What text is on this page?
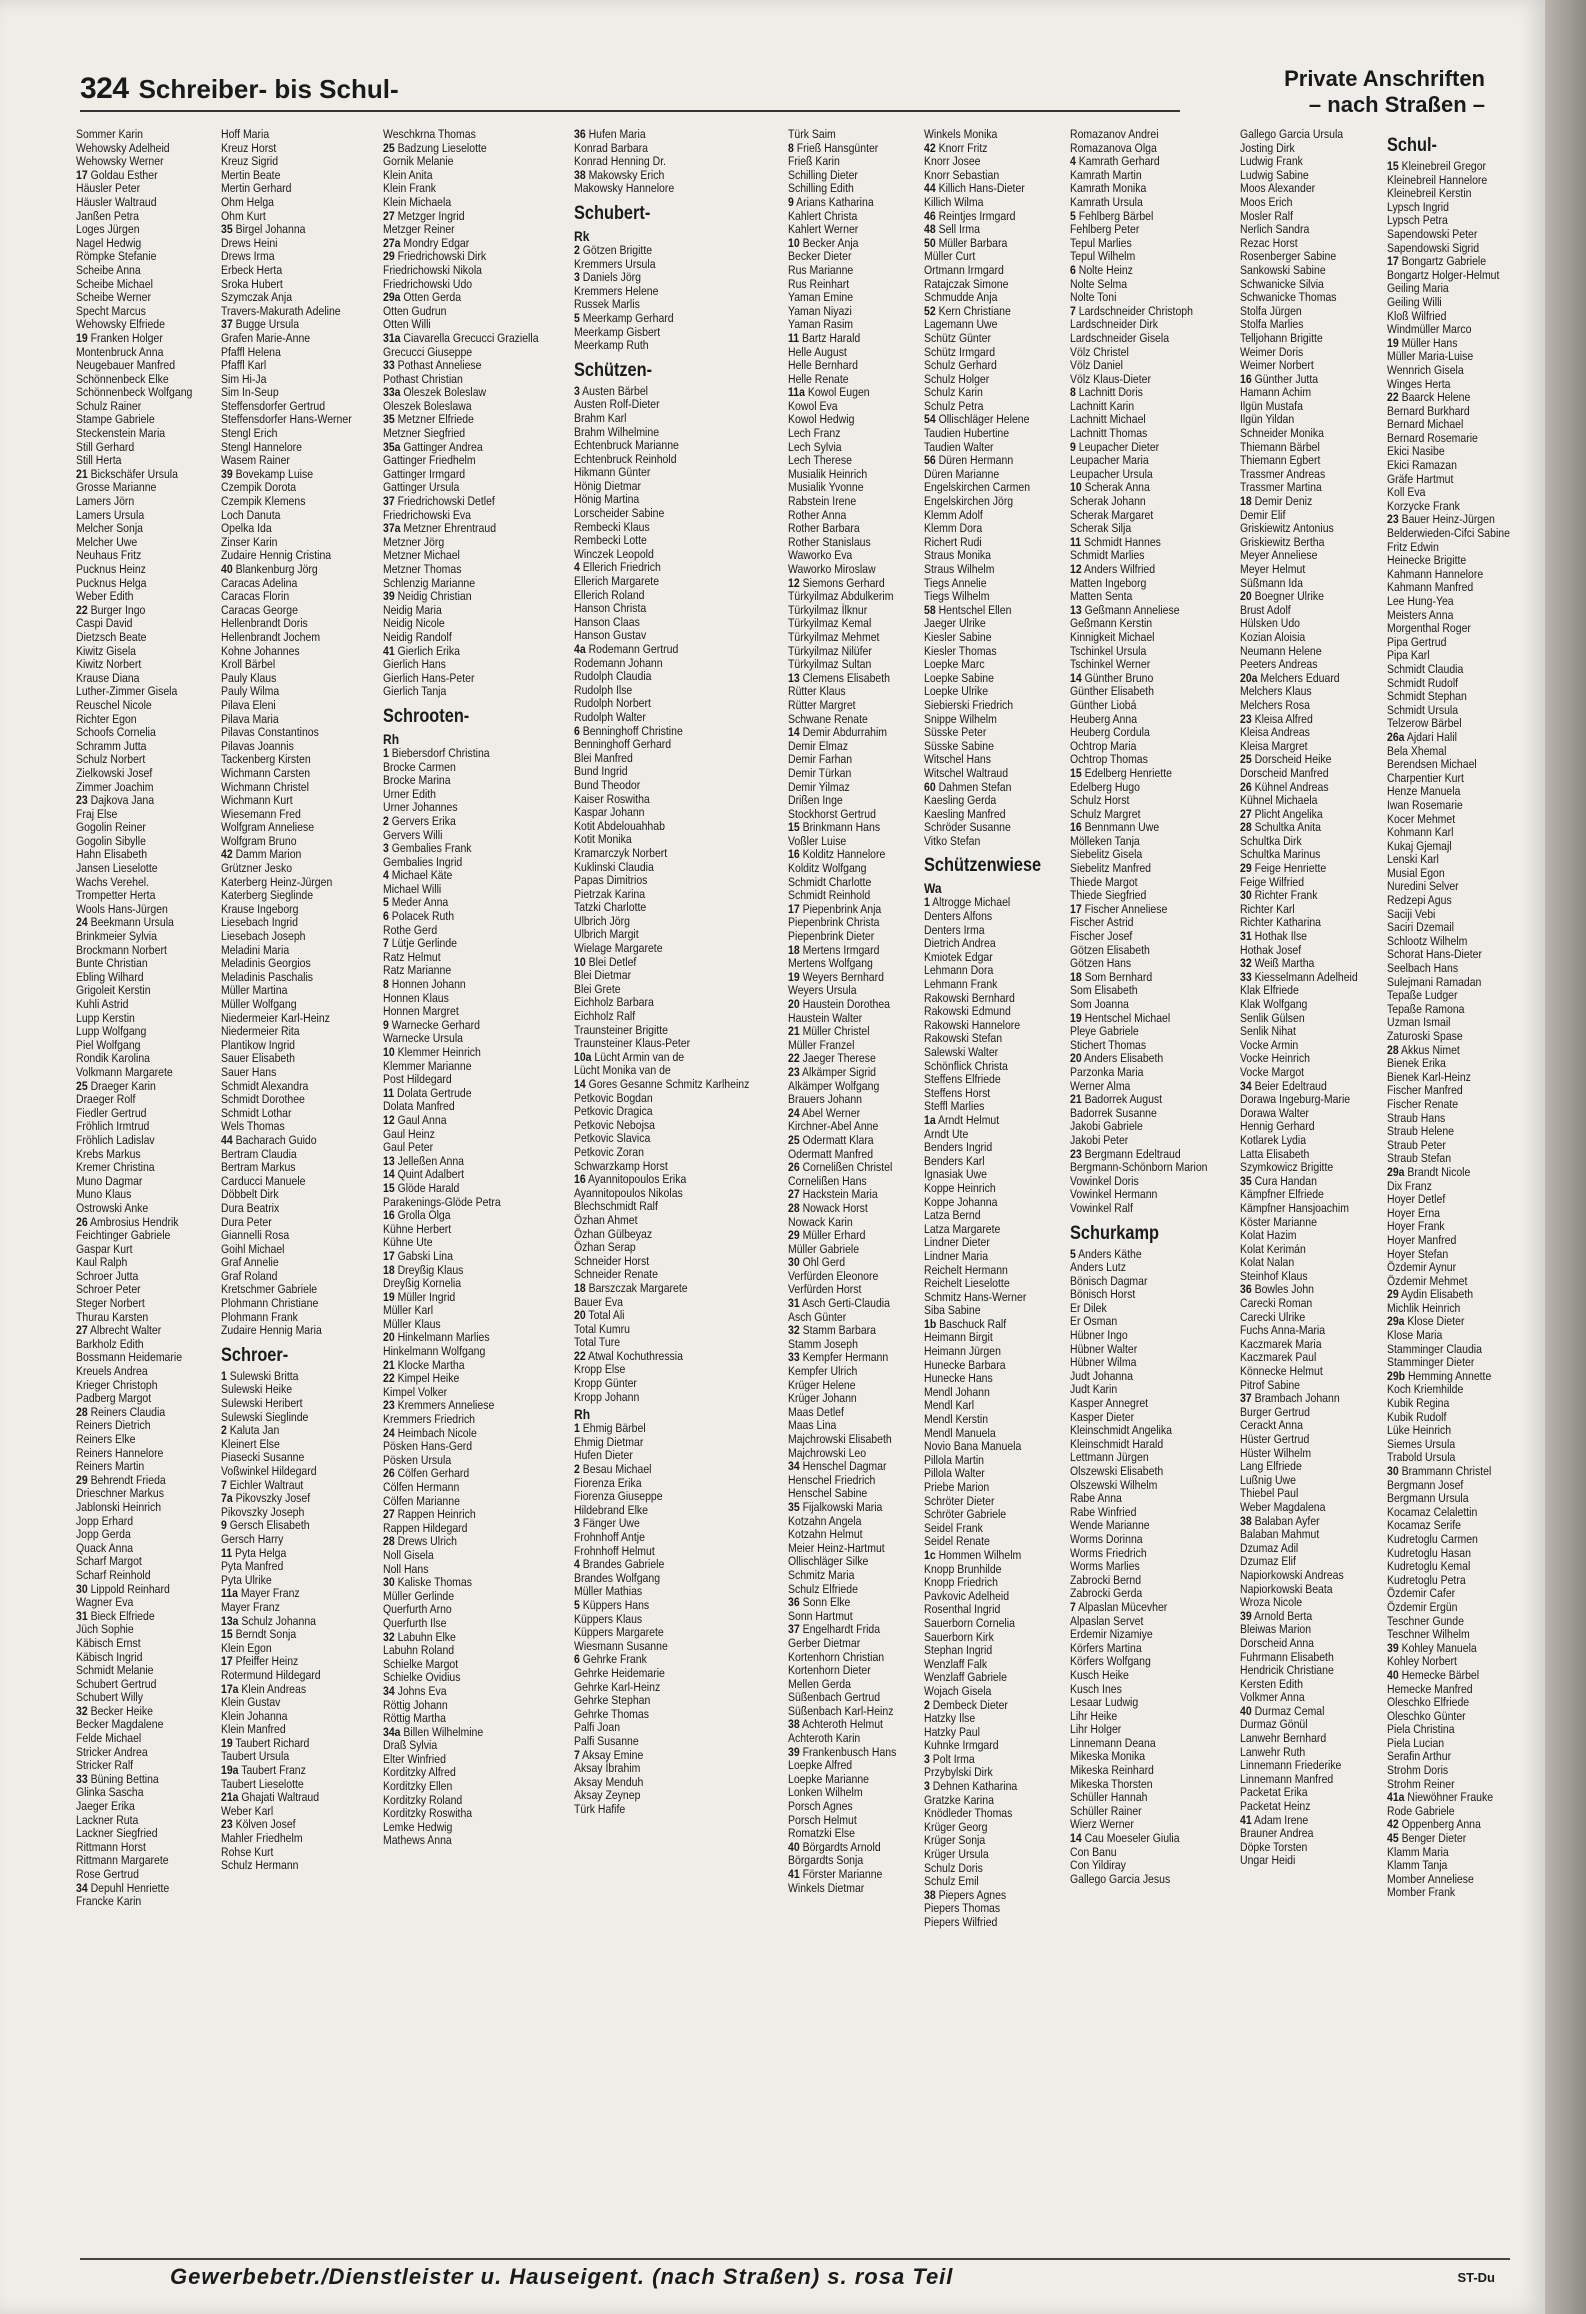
324 Schreiber- bis Schul-	Private Anschriften
– nach Straßen –
Sommer Karin
Wehowsky Adelheid
Wehowsky Werner
17 Goldau Esther
Häusler Peter
Häusler Waltraud
Janßen Petra
Loges Jürgen
Nagel Hedwig
Römpke Stefanie
Scheibe Anna
Scheibe Michael
Scheibe Werner
Specht Marcus
Wehowsky Elfriede
19 Franken Holger
Montenbruck Anna
Neugebauer Manfred
Schönnenbeck Elke
Schönnenbeck Wolfgang
Schulz Rainer
Stampe Gabriele
Steckenstein Maria
Still Gerhard
Still Herta
21 Bickschäfer Ursula
Grosse Marianne
Lamers Jörn
Lamers Ursula
Melcher Sonja
Melcher Uwe
Neuhaus Fritz
Pucknus Heinz
Pucknus Helga
Weber Edith
22 Burger Ingo
Caspi David
Dietzsch Beate
Kiwitz Gisela
Kiwitz Norbert
Krause Diana
Luther-Zimmer Gisela
Reuschel Nicole
Richter Egon
Schoofs Cornelia
Schramm Jutta
Schulz Norbert
Zielkowski Josef
Zimmer Joachim
23 Dajkova Jana
Fraj Else
Gogolin Reiner
Gogolin Sibylle
Hahn Elisabeth
Jansen Lieselotte
Wachs Verehel.
Trompetter Herta
Wools Hans-Jürgen
24 Beekmann Ursula
Brinkmeier Sylvia
Brockmann Norbert
Bunte Christian
Ebling Wilhard
Grigoleit Kerstin
Kuhli Astrid
Lupp Kerstin
Lupp Wolfgang
Piel Wolfgang
Rondik Karolina
Volkmann Margarete
25 Draeger Karin
Draeger Rolf
Fiedler Gertrud
Fröhlich Irmtrud
Fröhlich Ladislav
Krebs Markus
Kremer Christina
Muno Dagmar
Muno Klaus
Ostrowski Anke
26 Ambrosius Hendrik
Feichtinger Gabriele
Gaspar Kurt
Kaul Ralph
Schroer Jutta
Schroer Peter
Steger Norbert
Thurau Karsten
27 Albrecht Walter
Barkholz Edith
Bossmann Heidemarie
Kreuels Andrea
Krieger Christoph
Padberg Margot
28 Reiners Claudia
Reiners Dietrich
Reiners Elke
Reiners Hannelore
Reiners Martin
29 Behrendt Frieda
Drieschner Markus
Jablonski Heinrich
Jopp Erhard
Jopp Gerda
Quack Anna
Scharf Margot
Scharf Reinhold
30 Lippold Reinhard
Wagner Eva
31 Bieck Elfriede
Jüch Sophie
Käbisch Ernst
Käbisch Ingrid
Schmidt Melanie
Schubert Gertrud
Schubert Willy
32 Becker Heike
Becker Magdalene
Felde Michael
Stricker Andrea
Stricker Ralf
33 Büning Bettina
Glinka Sascha
Jaeger Erika
Lackner Ruta
Lackner Siegfried
Rittmann Horst
Rittmann Margarete
Rose Gertrud
34 Depuhl Henriette
Francke Karin
Hoff Maria
Kreuz Horst
Kreuz Sigrid
Mertin Beate
Mertin Gerhard
Ohm Helga
Ohm Kurt
35 Birgel Johanna
Drews Heini
Drews Irma
Erbeck Herta
Sroka Hubert
Szymczak Anja
Travers-Makurath Adeline
37 Bugge Ursula
Grafen Marie-Anne
Pfaffl Helena
Pfaffl Karl
Sim Hi-Ja
Sim In-Seup
Steffensdorfer Gertrud
Steffensdorfer Hans-Werner
Stengl Erich
Stengl Hannelore
Wasem Rainer
39 Bovekamp Luise
Czempik Dorota
Czempik Klemens
Loch Danuta
Opelka Ida
Zinser Karin
Zudaire Hennig Cristina
40 Blankenburg Jörg
Caracas Adelina
Caracas Florin
Caracas George
Hellenbrandt Doris
Hellenbrandt Jochem
Kohne Johannes
Kroll Bärbel
Pauly Klaus
Pauly Wilma
Pilava Eleni
Pilava Maria
Pilavas Constantinos
Pilavas Joannis
Tackenberg Kirsten
Wichmann Carsten
Wichmann Christel
Wichmann Kurt
Wiesemann Fred
Wolfgram Anneliese
Wolfgram Bruno
42 Damm Marion
Grützner Jesko
Katerberg Heinz-Jürgen
Katerberg Sieglinde
Krause Ingeborg
Liesebach Ingrid
Liesebach Joseph
Meladini Maria
Meladinis Georgios
Meladinis Paschalis
Müller Martina
Müller Wolfgang
Niedermeier Karl-Heinz
Niedermeier Rita
Plantikow Ingrid
Sauer Elisabeth
Sauer Hans
Schmidt Alexandra
Schmidt Dorothee
Schmidt Lothar
Wels Thomas
44 Bacharach Guido
Bertram Claudia
Bertram Markus
Carducci Manuele
Döbbelt Dirk
Dura Beatrix
Dura Peter
Giannelli Rosa
Goihl Michael
Graf Annelie
Graf Roland
Kretschmer Gabriele
Plohmann Christiane
Plohmann Frank
Zudaire Hennig Maria
Schroer-
1 Sulewski Britta
Sulewski Heike
Sulewski Heribert
Sulewski Sieglinde
2 Kaluta Jan
Kleinert Else
Piasecki Susanne
Voßwinkel Hildegard
7 Eichler Waltraut
7a Pikovszky Josef
Pikovszky Joseph
9 Gersch Elisabeth
Gersch Harry
11 Pyta Helga
Pyta Manfred
Pyta Ulrike
11a Mayer Franz
Mayer Franz
13a Schulz Johanna
15 Berndt Sonja
Klein Egon
17 Pfeiffer Heinz
Rotermund Hildegard
17a Klein Andreas
Klein Gustav
Klein Johanna
Klein Manfred
19 Taubert Richard
Taubert Ursula
19a Taubert Franz
Taubert Lieselotte
21a Ghajati Waltraud
Weber Karl
23 Kölven Josef
Mahler Friedhelm
Rohse Kurt
Schulz Hermann
Weschkrna Thomas
25 Badzung Lieselotte
Gornik Melanie
Klein Anita
Klein Frank
Klein Michaela
27 Metzger Ingrid
Metzger Reiner
27a Mondry Edgar
29 Friedrichowski Dirk
Friedrichowski Nikola
Friedrichowski Udo
29a Otten Gerda
Otten Gudrun
Otten Willi
31a Ciavarella Grecucci Graziella
Grecucci Giuseppe
33 Pothast Anneliese
Pothast Christian
33a Oleszek Boleslaw
Oleszek Boleslawa
35 Metzner Elfriede
Metzner Siegfried
35a Gattinger Andrea
Gattinger Friedhelm
Gattinger Irmgard
Gattinger Ursula
37 Friedrichowski Detlef
Friedrichowski Eva
37a Metzner Ehrentraud
Metzner Jörg
Metzner Michael
Metzner Thomas
Schlenzig Marianne
39 Neidig Christian
Neidig Maria
Neidig Nicole
Neidig Randolf
41 Gierlich Erika
Gierlich Hans
Gierlich Hans-Peter
Gierlich Tanja
Schrooten-
Rh
1 Biebersdorf Christina
Brocke Carmen
Brocke Marina
Urner Edith
Urner Johannes
2 Gervers Erika
Gervers Willi
3 Gembalies Frank
Gembalies Ingrid
4 Michael Käte
Michael Willi
5 Meder Anna
6 Polacek Ruth
Rothe Gerd
7 Lütje Gerlinde
Ratz Helmut
Ratz Marianne
8 Honnen Johann
Honnen Klaus
Honnen Margret
9 Warnecke Gerhard
Warnecke Ursula
10 Klemmer Heinrich
Klemmer Marianne
Post Hildegard
11 Dolata Gertrude
Dolata Manfred
12 Gaul Anna
Gaul Heinz
Gaul Peter
13 Jelleßen Anna
14 Quint Adalbert
15 Glöde Harald
Parakenings-Glöde Petra
16 Grolla Olga
Kühne Herbert
Kühne Ute
17 Gabski Lina
18 Dreyßig Klaus
Dreyßig Kornelia
19 Müller Ingrid
Müller Karl
Müller Klaus
20 Hinkelmann Marlies
Hinkelmann Wolfgang
21 Klocke Martha
22 Kimpel Heike
Kimpel Volker
23 Kremmers Anneliese
Kremmers Friedrich
24 Heimbach Nicole
Pösken Hans-Gerd
Pösken Ursula
26 Cölfen Gerhard
Cölfen Hermann
Cölfen Marianne
27 Rappen Heinrich
Rappen Hildegard
28 Drews Ulrich
Noll Gisela
Noll Hans
30 Kaliske Thomas
Müller Gerlinde
Querfurth Arno
Querfurth Ilse
32 Labuhn Elke
Labuhn Roland
Schielke Margot
Schielke Ovidius
34 Johns Eva
Röttig Johann
Röttig Martha
34a Billen Wilhelmine
Draß Sylvia
Elter Winfried
Korditzky Alfred
Korditzky Ellen
Korditzky Roland
Korditzky Roswitha
Lemke Hedwig
Mathews Anna
36 Hufen Maria
Konrad Barbara
Konrad Henning Dr.
38 Makowsky Erich
Makowsky Hannelore
Schubert-
Rk
2 Götzen Brigitte
Kremmers Ursula
3 Daniels Jörg
Kremmers Helene
Russek Marlis
5 Meerkamp Gerhard
Meerkamp Gisbert
Meerkamp Ruth
Schützen-
3 Austen Bärbel
Austen Rolf-Dieter
Brahm Karl
Brahm Wilhelmine
Echtenbruck Marianne
Echtenbruck Reinhold
Hikmann Günter
Hönig Dietmar
Hönig Martina
Lorscheider Sabine
Rembecki Klaus
Rembecki Lotte
Winczek Leopold
4 Ellerich Friedrich
Ellerich Margarete
Ellerich Roland
Hanson Christa
Hanson Claas
Hanson Gustav
4a Rodemann Gertrud
Rodemann Johann
Rudolph Claudia
Rudolph Ilse
Rudolph Norbert
Rudolph Walter
6 Benninghoff Christine
Benninghoff Gerhard
Blei Manfred
Bund Ingrid
Bund Theodor
Kaiser Roswitha
Kaspar Johann
Kotit Abdelouahhab
Kotit Monika
Kramarczyk Norbert
Kuklinski Claudia
Papas Dimitrios
Pietrzak Karina
Tatzki Charlotte
Ulbrich Jörg
Ulbrich Margit
Wielage Margarete
10 Blei Detlef
Blei Dietmar
Blei Grete
Eichholz Barbara
Eichholz Ralf
Traunsteiner Brigitte
Traunsteiner Klaus-Peter
10a Lücht Armin van de
Lücht Monika van de
14 Gores Gesanne Schmitz Karlheinz
Petkovic Bogdan
Petkovic Dragica
Petkovic Nebojsa
Petkovic Slavica
Petkovic Zoran
Schwarzkamp Horst
16 Ayannitopoulos Erika
Ayannitopoulos Nikolas
Blechschmidt Ralf
Özhan Ahmet
Özhan Gülbeyaz
Özhan Serap
Schneider Horst
Schneider Renate
18 Barszczak Margarete
Bauer Eva
20 Total Ali
Total Kumru
Total Ture
22 Atwal Kochuthressia
Kropp Else
Kropp Günter
Kropp Johann
Rh
1 Ehmig Bärbel
Ehmig Dietmar
Hufen Dieter
2 Besau Michael
Fiorenza Erika
Fiorenza Giuseppe
Hildebrand Elke
3 Fänger Uwe
Frohnhoff Antje
Frohnhoff Helmut
4 Brandes Gabriele
Brandes Wolfgang
Müller Mathias
5 Küppers Hans
Küppers Klaus
Küppers Margarete
Wiesmann Susanne
6 Gehrke Frank
Gehrke Heidemarie
Gehrke Karl-Heinz
Gehrke Stephan
Gehrke Thomas
Palfi Joan
Palfi Susanne
7 Aksay Emine
Aksay İbrahim
Aksay Menduh
Aksay Zeynep
Türk Hafife
Türk Saim
8 Frieß Hansgünter
Frieß Karin
Schilling Dieter
Schilling Edith
9 Arians Katharina
Kahlert Christa
Kahlert Werner
10 Becker Anja
Becker Dieter
Rus Marianne
Rus Reinhart
Yaman Emine
Yaman Niyazi
Yaman Rasim
11 Bartz Harald
Helle August
Helle Bernhard
Helle Renate
11a Kowol Eugen
Kowol Eva
Kowol Hedwig
Lech Franz
Lech Sylvia
Lech Therese
Musialik Heinrich
Musialik Yvonne
Rabstein Irene
Rother Anna
Rother Barbara
Rother Stanislaus
Waworko Eva
Waworko Miroslaw
12 Siemons Gerhard
Türkyilmaz Abdulkerim
Türkyilmaz İlknur
Türkyilmaz Kemal
Türkyilmaz Mehmet
Türkyilmaz Nilüfer
Türkyilmaz Sultan
13 Clemens Elisabeth
Rütter Klaus
Rütter Margret
Schwane Renate
14 Demir Abdurrahim
Demir Elmaz
Demir Farhan
Demir Türkan
Demir Yilmaz
Drißen Inge
Stockhorst Gertrud
15 Brinkmann Hans
Voßler Luise
16 Kolditz Hannelore
Kolditz Wolfgang
Schmidt Charlotte
Schmidt Reinhold
17 Piepenbrink Anja
Piepenbrink Christa
Piepenbrink Dieter
18 Mertens Irmgard
Mertens Wolfgang
19 Weyers Bernhard
Weyers Ursula
20 Haustein Dorothea
Haustein Walter
21 Müller Christel
Müller Franzel
22 Jaeger Therese
23 Alkämper Sigrid
Alkämper Wolfgang
Brauers Johann
24 Abel Werner
Kirchner-Abel Anne
25 Odermatt Klara
Odermatt Manfred
26 Cornelißen Christel
Cornelißen Hans
27 Hackstein Maria
28 Nowack Horst
Nowack Karin
29 Müller Erhard
Müller Gabriele
30 Ohl Gerd
Verfürden Eleonore
Verfürden Horst
31 Asch Gerti-Claudia
Asch Günter
32 Stamm Barbara
Stamm Joseph
33 Kempfer Hermann
Kempfer Ulrich
Krüger Helene
Krüger Johann
Maas Detlef
Maas Lina
Majchrowski Elisabeth
Majchrowski Leo
34 Henschel Dagmar
Henschel Friedrich
Henschel Sabine
35 Fijalkowski Maria
Kotzahn Angela
Kotzahn Helmut
Meier Heinz-Hartmut
Ollischläger Silke
Schmitz Maria
Schulz Elfriede
36 Sonn Elke
Sonn Hartmut
37 Engelhardt Frida
Gerber Dietmar
Kortenhorn Christian
Kortenhorn Dieter
Mellen Gerda
Süßenbach Gertrud
Süßenbach Karl-Heinz
38 Achteroth Helmut
Achteroth Karin
39 Frankenbusch Hans
Loepke Alfred
Loepke Marianne
Lonken Wilhelm
Porsch Agnes
Porsch Helmut
Romatzki Else
40 Börgardts Arnold
Börgardts Sonja
41 Förster Marianne
Winkels Dietmar
Winkels Monika
42 Knorr Fritz
Knorr Josee
Knorr Sebastian
44 Killich Hans-Dieter
Killich Wilma
46 Reintjes Irmgard
48 Sell Irma
50 Müller Barbara
Müller Curt
Ortmann Irmgard
Ratajczak Simone
Schmudde Anja
52 Kern Christiane
Lagemann Uwe
Schütz Günter
Schütz Irmgard
Schulz Gerhard
Schulz Holger
Schulz Karin
Schulz Petra
54 Ollischläger Helene
Taudien Hubertine
Taudien Walter
56 Düren Hermann
Düren Marianne
Engelskirchen Carmen
Engelskirchen Jörg
Klemm Adolf
Klemm Dora
Richert Rudi
Straus Monika
Straus Wilhelm
Tiegs Annelie
Tiegs Wilhelm
58 Hentschel Ellen
Jaeger Ulrike
Kiesler Sabine
Kiesler Thomas
Loepke Marc
Loepke Sabine
Loepke Ulrike
Siebierski Friedrich
Snippe Wilhelm
Süsske Peter
Süsske Sabine
Witschel Hans
Witschel Waltraud
60 Dahmen Stefan
Kaesling Gerda
Kaesling Manfred
Schröder Susanne
Vitko Stefan
Schützenwiese
Wa
1 Altrogge Michael
Denters Alfons
Denters Irma
Dietrich Andrea
Kmiotek Edgar
Lehmann Dora
Lehmann Frank
Rakowski Bernhard
Rakowski Edmund
Rakowski Hannelore
Rakowski Stefan
Salewski Walter
Schönflick Christa
Steffens Elfriede
Steffens Horst
Steffl Marlies
1a Arndt Helmut
Arndt Ute
Benders Ingrid
Benders Karl
Ignasiak Uwe
Koppe Heinrich
Koppe Johanna
Latza Bernd
Latza Margarete
Lindner Dieter
Lindner Maria
Reichelt Hermann
Reichelt Lieselotte
Schmitz Hans-Werner
Siba Sabine
1b Baschuck Ralf
Heimann Birgit
Heimann Jürgen
Hunecke Barbara
Hunecke Hans
Mendl Johann
Mendl Karl
Mendl Kerstin
Mendl Manuela
Novio Bana Manuela
Pillola Martin
Pillola Walter
Priebe Marion
Schröter Dieter
Schröter Gabriele
Seidel Frank
Seidel Renate
1c Hommen Wilhelm
Knopp Brunhilde
Knopp Friedrich
Pavkovic Adelheid
Rosenthal Ingrid
Sauerborn Cornelia
Sauerborn Kirk
Stephan Ingrid
Wenzlaff Falk
Wenzlaff Gabriele
Wojach Gisela
2 Dembeck Dieter
Hatzky Ilse
Hatzky Paul
Kuhnke Irmgard
3 Polt Irma
Przybylski Dirk
3 Dehnen Katharina
Gratzke Karina
Knödleder Thomas
Krüger Georg
Krüger Sonja
Krüger Ursula
Schulz Doris
Schulz Emil
38 Piepers Agnes
Piepers Thomas
Piepers Wilfried
Romazanov Andrei
Romazanova Olga
4 Kamrath Gerhard
Kamrath Martin
Kamrath Monika
Kamrath Ursula
5 Fehlberg Bärbel
Fehlberg Peter
Tepul Marlies
Tepul Wilhelm
6 Nolte Heinz
Nolte Selma
Nolte Toni
7 Lardschneider Christoph
Lardschneider Dirk
Lardschneider Gisela
Völz Christel
Völz Daniel
Völz Klaus-Dieter
8 Lachnitt Doris
Lachnitt Karin
Lachnitt Michael
Lachnitt Thomas
9 Leupacher Dieter
Leupacher Maria
Leupacher Ursula
10 Scherak Anna
Scherak Johann
Scherak Margaret
Scherak Silja
11 Schmidt Hannes
Schmidt Marlies
12 Anders Wilfried
Matten Ingeborg
Matten Senta
13 Geßmann Anneliese
Geßmann Kerstin
Kinnigkeit Michael
Tschinkel Ursula
Tschinkel Werner
14 Günther Bruno
Günther Elisabeth
Günther Liobá
Heuberg Anna
Heuberg Cordula
Ochtrop Maria
Ochtrop Thomas
15 Edelberg Henriette
Edelberg Hugo
Schulz Horst
Schulz Margret
16 Bennmann Uwe
Mölleken Tanja
Siebelitz Gisela
Siebelitz Manfred
Thiede Margot
Thiede Siegfried
17 Fischer Anneliese
Fischer Astrid
Fischer Josef
Götzen Elisabeth
Götzen Hans
18 Som Bernhard
Som Elisabeth
Som Joanna
19 Hentschel Michael
Pleye Gabriele
Stichert Thomas
20 Anders Elisabeth
Parzonka Maria
Werner Alma
21 Badorrek August
Badorrek Susanne
Jakobi Gabriele
Jakobi Peter
23 Bergmann Edeltraud
Bergmann-Schönborn Marion
Vowinkel Doris
Vowinkel Hermann
Vowinkel Ralf
Schurkamp
5 Anders Käthe
Anders Lutz
Bönisch Dagmar
Bönisch Horst
Er Dilek
Er Osman
Hübner Ingo
Hübner Walter
Hübner Wilma
Judt Johanna
Judt Karin
Kasper Annegret
Kasper Dieter
Kleinschmidt Angelika
Kleinschmidt Harald
Lettmann Jürgen
Olszewski Elisabeth
Olszewski Wilhelm
Rabe Anna
Rabe Winfried
Wende Marianne
Worms Dorinna
Worms Friedrich
Worms Marlies
Zabrocki Bernd
Zabrocki Gerda
7 Alpaslan Mücevher
Alpaslan Servet
Erdemir Nizamiye
Körfers Martina
Körfers Wolfgang
Kusch Heike
Kusch Ines
Lesaar Ludwig
Lihr Heike
Lihr Holger
Linnemann Deana
Mikeska Monika
Mikeska Reinhard
Mikeska Thorsten
Schüller Hannah
Schüller Rainer
Wierz Werner
14 Cau Moeseler Giulia
Con Banu
Con Yildiray
Gallego Garcia Jesus
Gallego Garcia Ursula
Josting Dirk
Ludwig Frank
Ludwig Sabine
Moos Alexander
Moos Erich
Mosler Ralf
Nerlich Sandra
Rezac Horst
Rosenberger Sabine
Sankowski Sabine
Schwanicke Silvia
Schwanicke Thomas
Stolfa Jürgen
Stolfa Marlies
Telljohann Brigitte
Weimer Doris
Weimer Norbert
16 Günther Jutta
Hamann Achim
Ilgün Mustafa
Ilgün Yildan
Schneider Monika
Thiemann Bärbel
Thiemann Egbert
Trassmer Andreas
Trassmer Martina
18 Demir Deniz
Demir Elif
Griskiewitz Antonius
Griskiewitz Bertha
Meyer Anneliese
Meyer Helmut
Süßmann Ida
20 Boegner Ulrike
Brust Adolf
Hülsken Udo
Kozian Aloisia
Neumann Helene
Peeters Andreas
20a Melchers Eduard
Melchers Klaus
Melchers Rosa
23 Kleisa Alfred
Kleisa Andreas
Kleisa Margret
25 Dorscheid Heike
Dorscheid Manfred
26 Kühnel Andreas
Kühnel Michaela
27 Plicht Angelika
28 Schultka Anita
Schultka Dirk
Schultka Marinus
29 Feige Henriette
Feige Wilfried
30 Richter Frank
Richter Karl
Richter Katharina
31 Hothak Ilse
Hothak Josef
32 Weiß Martha
33 Kiesselmann Adelheid
Klak Elfriede
Klak Wolfgang
Senlik Gülsen
Senlik Nihat
Vocke Armin
Vocke Heinrich
Vocke Margot
34 Beier Edeltraud
Dorawa Ingeburg-Marie
Dorawa Walter
Hennig Gerhard
Kotlarek Lydia
Latta Elisabeth
Szymkowicz Brigitte
35 Cura Handan
Kämpfner Elfriede
Kämpfner Hansjoachim
Köster Marianne
Kolat Hazim
Kolat Kerimán
Kolat Nalan
Steinhof Klaus
36 Bowles John
Carecki Roman
Carecki Ulrike
Fuchs Anna-Maria
Kaczmarek Maria
Kaczmarek Paul
Könnecke Helmut
Pitrof Sabine
37 Brambach Johann
Burger Gertrud
Cerackt Anna
Hüster Gertrud
Hüster Wilhelm
Lang Elfriede
Lußnig Uwe
Thiebel Paul
Weber Magdalena
38 Balaban Ayfer
Balaban Mahmut
Dzumaz Adil
Dzumaz Elif
Napiorkowski Andreas
Napiorkowski Beata
Wroza Nicole
39 Arnold Berta
Bleiwas Marion
Dorscheid Anna
Fuhrmann Elisabeth
Hendricik Christiane
Kersten Edith
Volkmer Anna
40 Durmaz Cemal
Durmaz Gönül
Lanwehr Bernhard
Lanwehr Ruth
Linnemann Friederike
Linnemann Manfred
Packetat Erika
Packetat Heinz
41 Adam Irene
Brauner Andrea
Döpke Torsten
Ungar Heidi
Schul-
15 Kleinebreil Gregor
Kleinebreil Hannelore
Kleinebreil Kerstin
Lypsch Ingrid
Lypsch Petra
Sapendowski Peter
Sapendowski Sigrid
17 Bongartz Gabriele
Bongartz Holger-Helmut
Geiling Maria
Geiling Willi
Kloß Wilfried
Windmüller Marco
19 Müller Hans
Müller Maria-Luise
Wennrich Gisela
Winges Herta
22 Baarck Helene
Bernard Burkhard
Bernard Michael
Bernard Rosemarie
Ekici Nasibe
Ekici Ramazan
Gräfe Hartmut
Koll Eva
Korzycke Frank
23 Bauer Heinz-Jürgen
Belderwieden-Cifci Sabine
Fritz Edwin
Heinecke Brigitte
Kahmann Hannelore
Kahmann Manfred
Lee Hung-Yea
Meisters Anna
Morgenthal Roger
Pipa Gertrud
Pipa Karl
Schmidt Claudia
Schmidt Rudolf
Schmidt Stephan
Schmidt Ursula
Telzerow Bärbel
26a Ajdari Halil
Bela Xhemal
Berendsen Michael
Charpentier Kurt
Henze Manuela
Iwan Rosemarie
Kocer Mehmet
Kohmann Karl
Kukaj Gjemajl
Lenski Karl
Musial Egon
Nuredini Selver
Redzepi Agus
Saciji Vebi
Saciri Dzemail
Schlootz Wilhelm
Schorat Hans-Dieter
Seelbach Hans
Sulejmani Ramadan
Tepaße Ludger
Tepaße Ramona
Uzman Ismail
Zaturoski Spase
28 Akkus Nimet
Bienek Erika
Bienek Karl-Heinz
Fischer Manfred
Fischer Renate
Straub Hans
Straub Helene
Straub Peter
Straub Stefan
29a Brandt Nicole
Dix Franz
Hoyer Detlef
Hoyer Erna
Hoyer Frank
Hoyer Manfred
Hoyer Stefan
Özdemir Aynur
Özdemir Mehmet
29 Aydin Elisabeth
Michlik Heinrich
29a Klose Dieter
Klose Maria
Stamminger Claudia
Stamminger Dieter
29b Hemming Annette
Koch Kriemhilde
Kubik Regina
Kubik Rudolf
Lüke Heinrich
Siemes Ursula
Trabold Ursula
30 Brammann Christel
Bergmann Josef
Bergmann Ursula
Kocamaz Celalettin
Kocamaz Serife
Kudretoglu Carmen
Kudretoglu Hasan
Kudretoglu Kemal
Kudretoglu Petra
Özdemir Cafer
Özdemir Ergün
Teschner Gunde
Teschner Wilhelm
39 Kohley Manuela
Kohley Norbert
40 Hemecke Bärbel
Hemecke Manfred
Oleschko Elfriede
Oleschko Günter
Piela Christina
Piela Lucian
Serafin Arthur
Strohm Doris
Strohm Reiner
41a Niewöhner Frauke
Rode Gabriele
42 Oppenberg Anna
45 Benger Dieter
Klamm Maria
Klamm Tanja
Momber Anneliese
Momber Frank
Gewerbebetr./Dienstleister u. Hauseigent. (nach Straßen) s. rosa Teil	ST-Du
